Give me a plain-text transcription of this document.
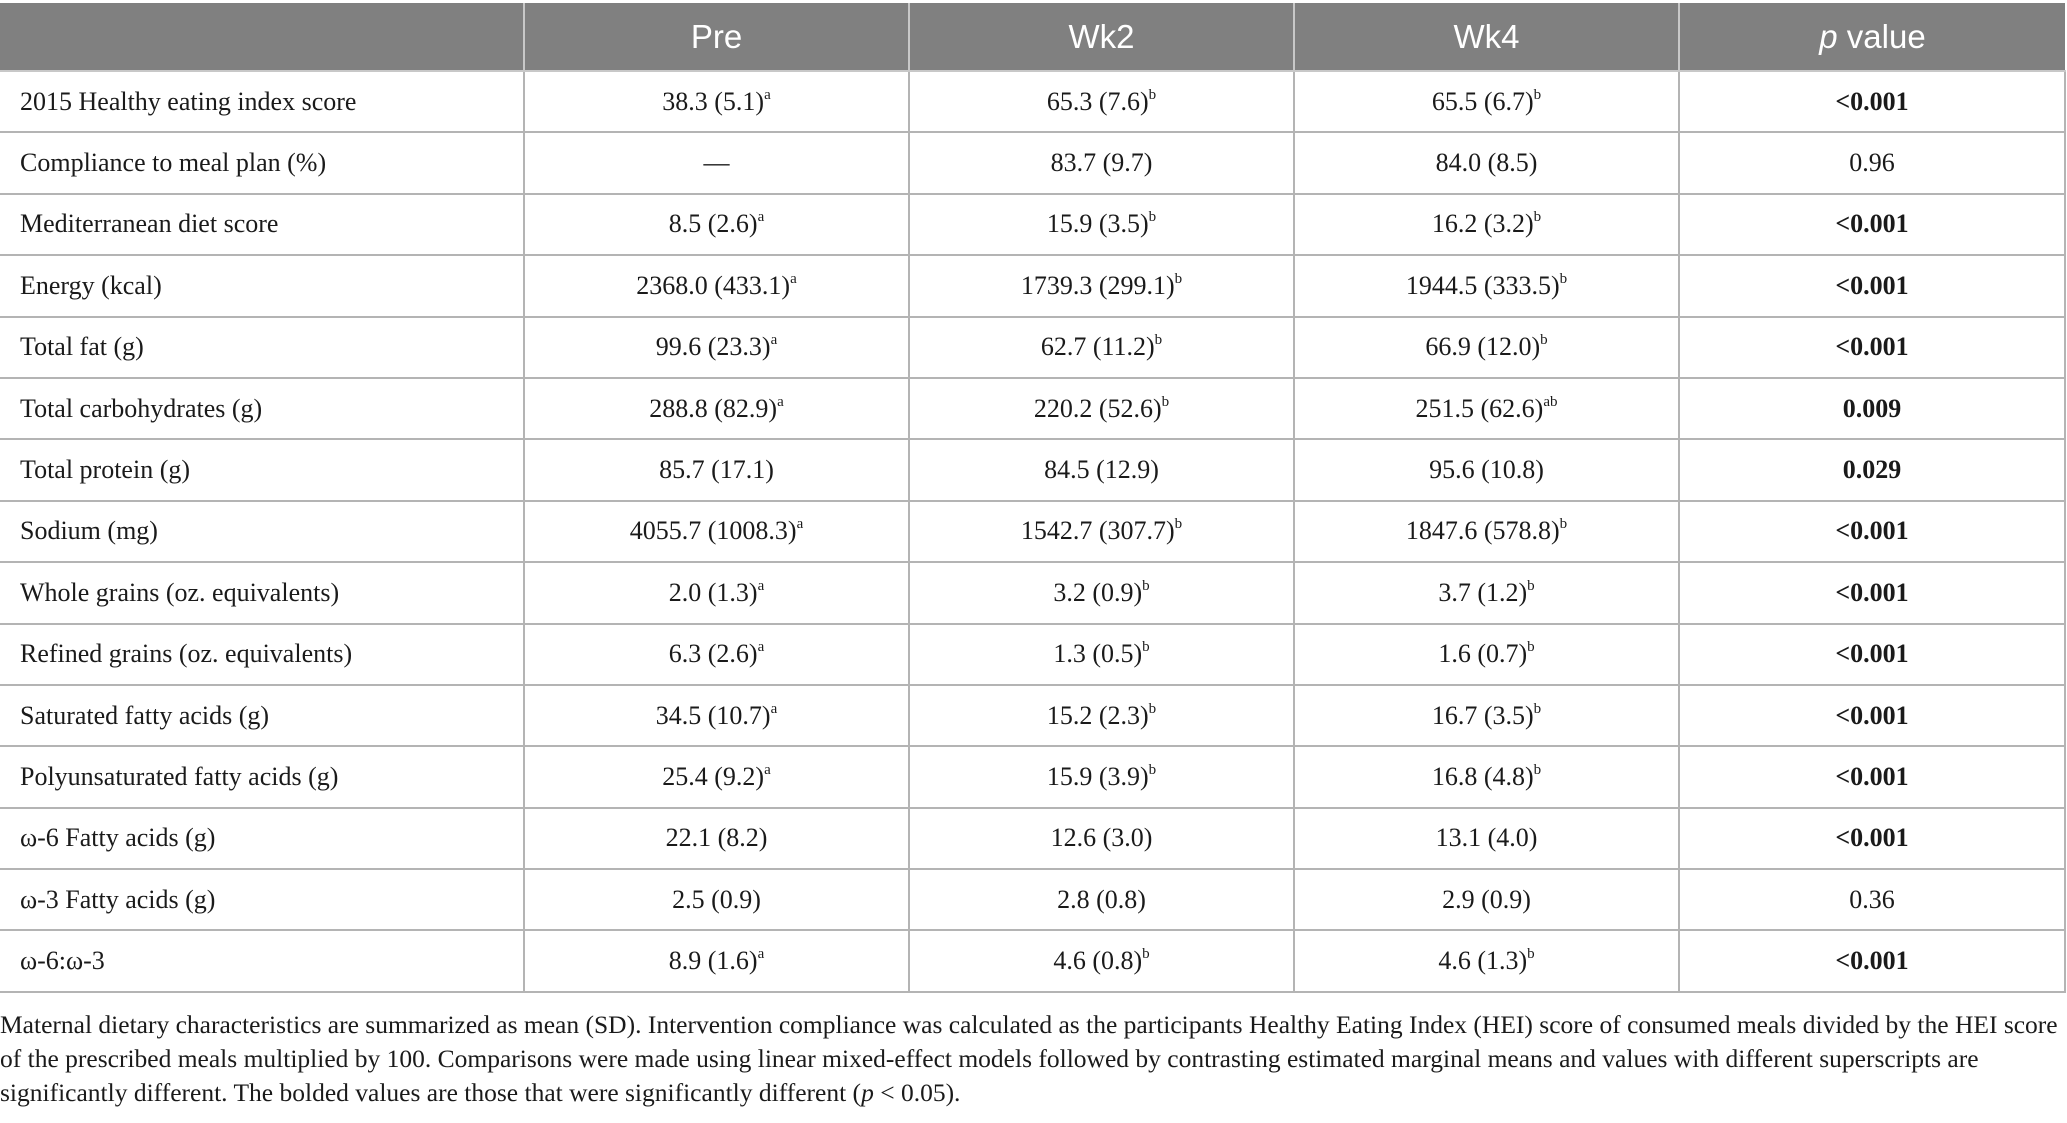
	Pre	Wk2	Wk4	p value
2015 Healthy eating index score	38.3 $(5.1)^a$	65.3 $(7.6)^b$	65.5 $(6.7)^b$	<0.001
Compliance to meal plan (%)	—	83.7 (9.7)	84.0 (8.5)	0.96
Mediterranean diet score	8.5 $(2.6)^a$	15.9 $(3.5)^b$	16.2 $(3.2)^b$	<0.001
Energy (kcal)	2368.0 $(433.1)^a$	1739.3 $(299.1)^b$	1944.5 $(333.5)^b$	<0.001
Total fat (g)	99.6 $(23.3)^a$	62.7 $(11.2)^b$	66.9 $(12.0)^b$	<0.001
Total carbohydrates (g)	288.8 $(82.9)^a$	220.2 $(52.6)^b$	251.5 $(62.6)^{ab}$	0.009
Total protein (g)	85.7 (17.1)	84.5 (12.9)	95.6 (10.8)	0.029
Sodium (mg)	4055.7 $(1008.3)^a$	1542.7 $(307.7)^b$	1847.6 $(578.8)^b$	<0.001
Whole grains (oz. equivalents)	2.0 $(1.3)^a$	3.2 $(0.9)^b$	3.7 $(1.2)^b$	<0.001
Refined grains (oz. equivalents)	6.3 $(2.6)^a$	1.3 $(0.5)^b$	1.6 $(0.7)^b$	<0.001
Saturated fatty acids (g)	34.5 $(10.7)^a$	15.2 $(2.3)^b$	16.7 $(3.5)^b$	<0.001
Polyunsaturated fatty acids (g)	25.4 $(9.2)^a$	15.9 $(3.9)^b$	16.8 $(4.8)^b$	<0.001
ω-6 Fatty acids (g)	22.1 (8.2)	12.6 (3.0)	13.1 (4.0)	<0.001
ω-3 Fatty acids (g)	2.5 (0.9)	2.8 (0.8)	2.9 (0.9)	0.36
ω-6:ω-3	8.9 $(1.6)^a$	4.6 $(0.8)^b$	4.6 $(1.3)^b$	<0.001
Maternal dietary characteristics are summarized as mean (SD). Intervention compliance was calculated as the participants Healthy Eating Index (HEI) score of consumed meals divided by the HEI score of the prescribed meals multiplied by 100. Comparisons were made using linear mixed-effect models followed by contrasting estimated marginal means and values with different superscripts are significantly different. The bolded values are those that were significantly different (p < 0.05).
